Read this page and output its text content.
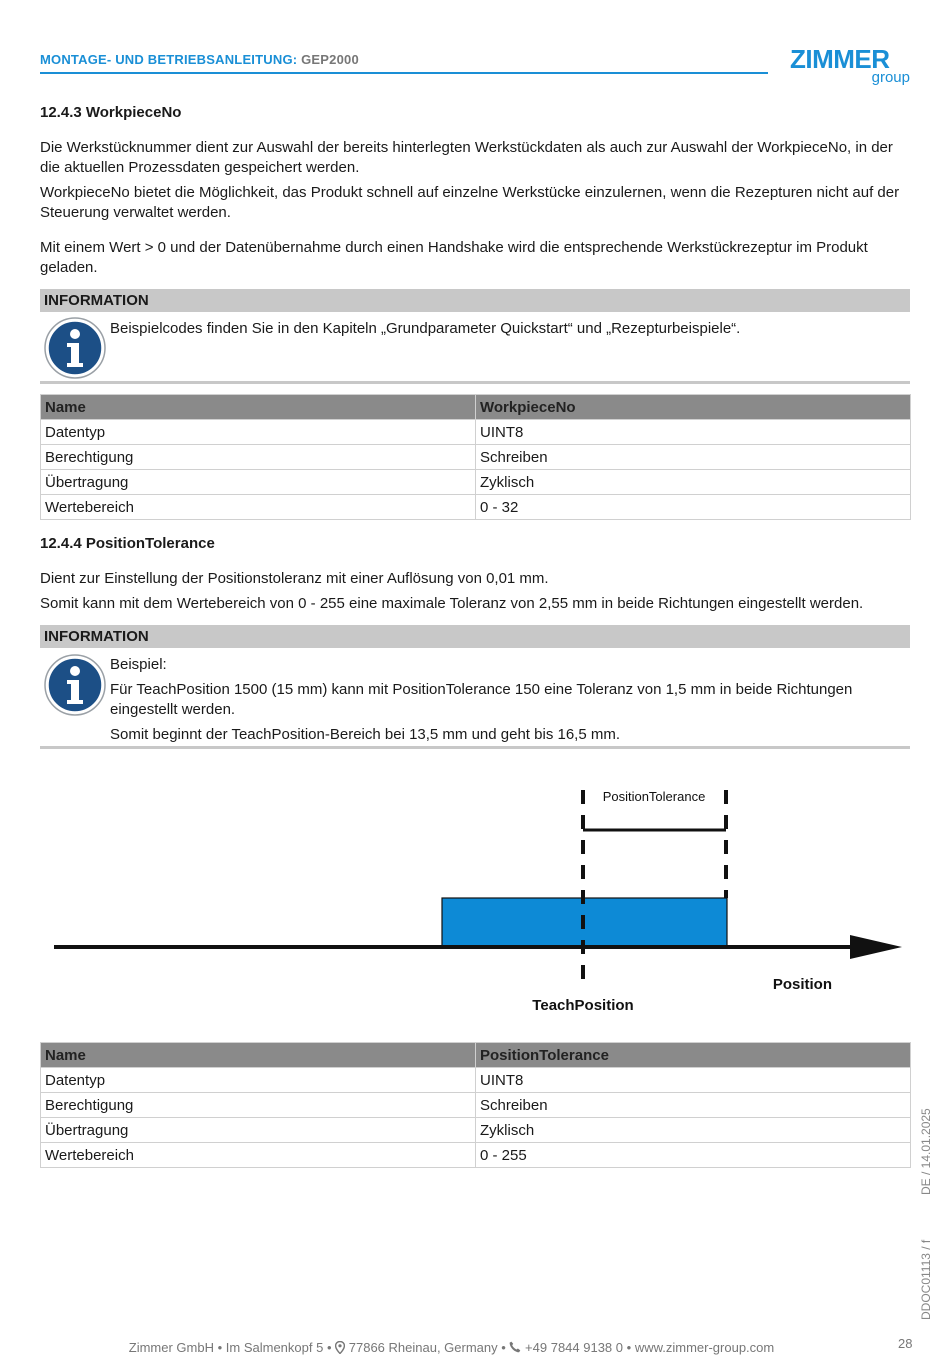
MONTAGE- UND BETRIEBSANLEITUNG: GEP2000	ZIMMER
group
12.4.3 WorkpieceNo

Die Werkstücknummer dient zur Auswahl der bereits hinterlegten Werkstückdaten als auch zur Auswahl der WorkpieceNo, in der die aktuellen Prozessdaten gespeichert werden.

WorkpieceNo bietet die Möglichkeit, das Produkt schnell auf einzelne Werkstücke einzulernen, wenn die Rezepturen nicht auf der Steuerung verwaltet werden.

Mit einem Wert > 0 und der Datenübernahme durch einen Handshake wird die entsprechende Werkstückrezeptur im Produkt geladen.

INFORMATION

Beispielcodes finden Sie in den Kapiteln „Grundparameter Quickstart“ und „Rezepturbeispiele“.

Name	WorkpieceNo
Datentyp	UINT8
Berechtigung	Schreiben
Übertragung	Zyklisch
Wertebereich	0 - 32
12.4.4 PositionTolerance

Dient zur Einstellung der Positionstoleranz mit einer Auflösung von 0,01 mm.

Somit kann mit dem Wertebereich von 0 - 255 eine maximale Toleranz von 2,55 mm in beide Richtungen eingestellt werden.

INFORMATION

Beispiel:

Für TeachPosition 1500 (15 mm) kann mit PositionTolerance 150 eine Toleranz von 1,5 mm in beide Richtungen eingestellt werden.

Somit beginnt der TeachPosition-Bereich bei 13,5 mm und geht bis 16,5 mm.

PositionTolerance
TeachPosition
Position
Name	PositionTolerance
Datentyp	UINT8
Berechtigung	Schreiben
Übertragung	Zyklisch
Wertebereich	0 - 255	DE / 14.01.2025
DDOC01113 / f
Zimmer GmbH • Im Salmenkopf 5 •  77866 Rheinau, Germany •  +49 7844 9138 0 • www.zimmer-group.com	28
